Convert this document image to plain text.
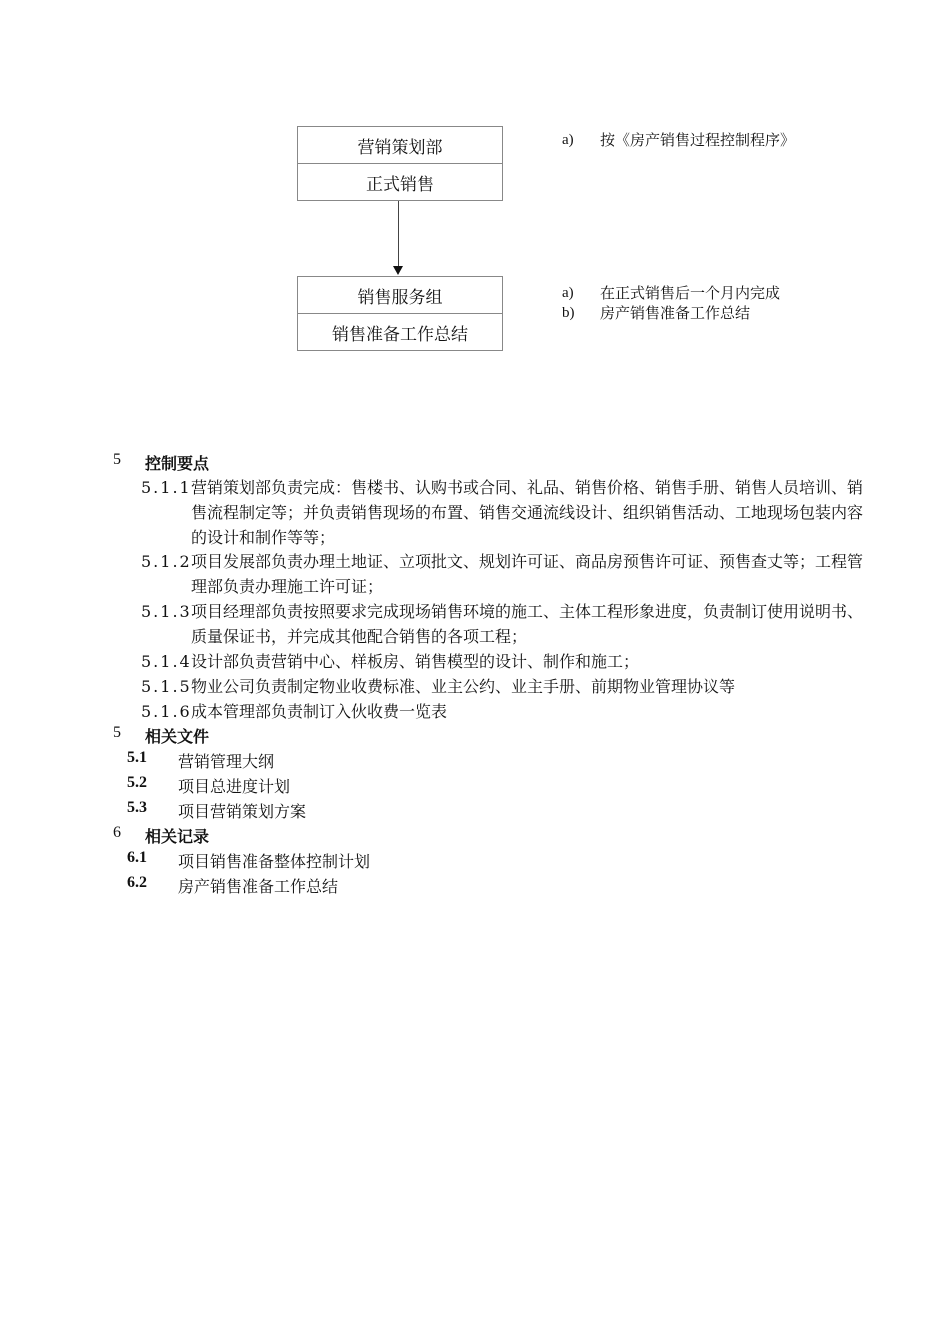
营销策划部
正式销售
销售服务组
销售准备工作总结
a)	按《房产销售过程控制程序》
a)	在正式销售后一个月内完成
b)	房产销售准备工作总结
5	控制要点
5.1.1 营销策划部负责完成：售楼书、认购书或合同、礼品、销售价格、销售手册、销售人员培训、销售流程制定等；并负责销售现场的布置、销售交通流线设计、组织销售活动、工地现场包装内容的设计和制作等等；
5.1.2 项目发展部负责办理土地证、立项批文、规划许可证、商品房预售许可证、预售查丈等；工程管理部负责办理施工许可证；
5.1.3 项目经理部负责按照要求完成现场销售环境的施工、主体工程形象进度，负责制订使用说明书、质量保证书，并完成其他配合销售的各项工程；
5.1.4 设计部负责营销中心、样板房、销售模型的设计、制作和施工；
5.1.5 物业公司负责制定物业收费标准、业主公约、业主手册、前期物业管理协议等
5.1.6 成本管理部负责制订入伙收费一览表
5	相关文件
5.1	营销管理大纲
5.2	项目总进度计划
5.3	项目营销策划方案
6	相关记录
6.1	项目销售准备整体控制计划
6.2	房产销售准备工作总结
